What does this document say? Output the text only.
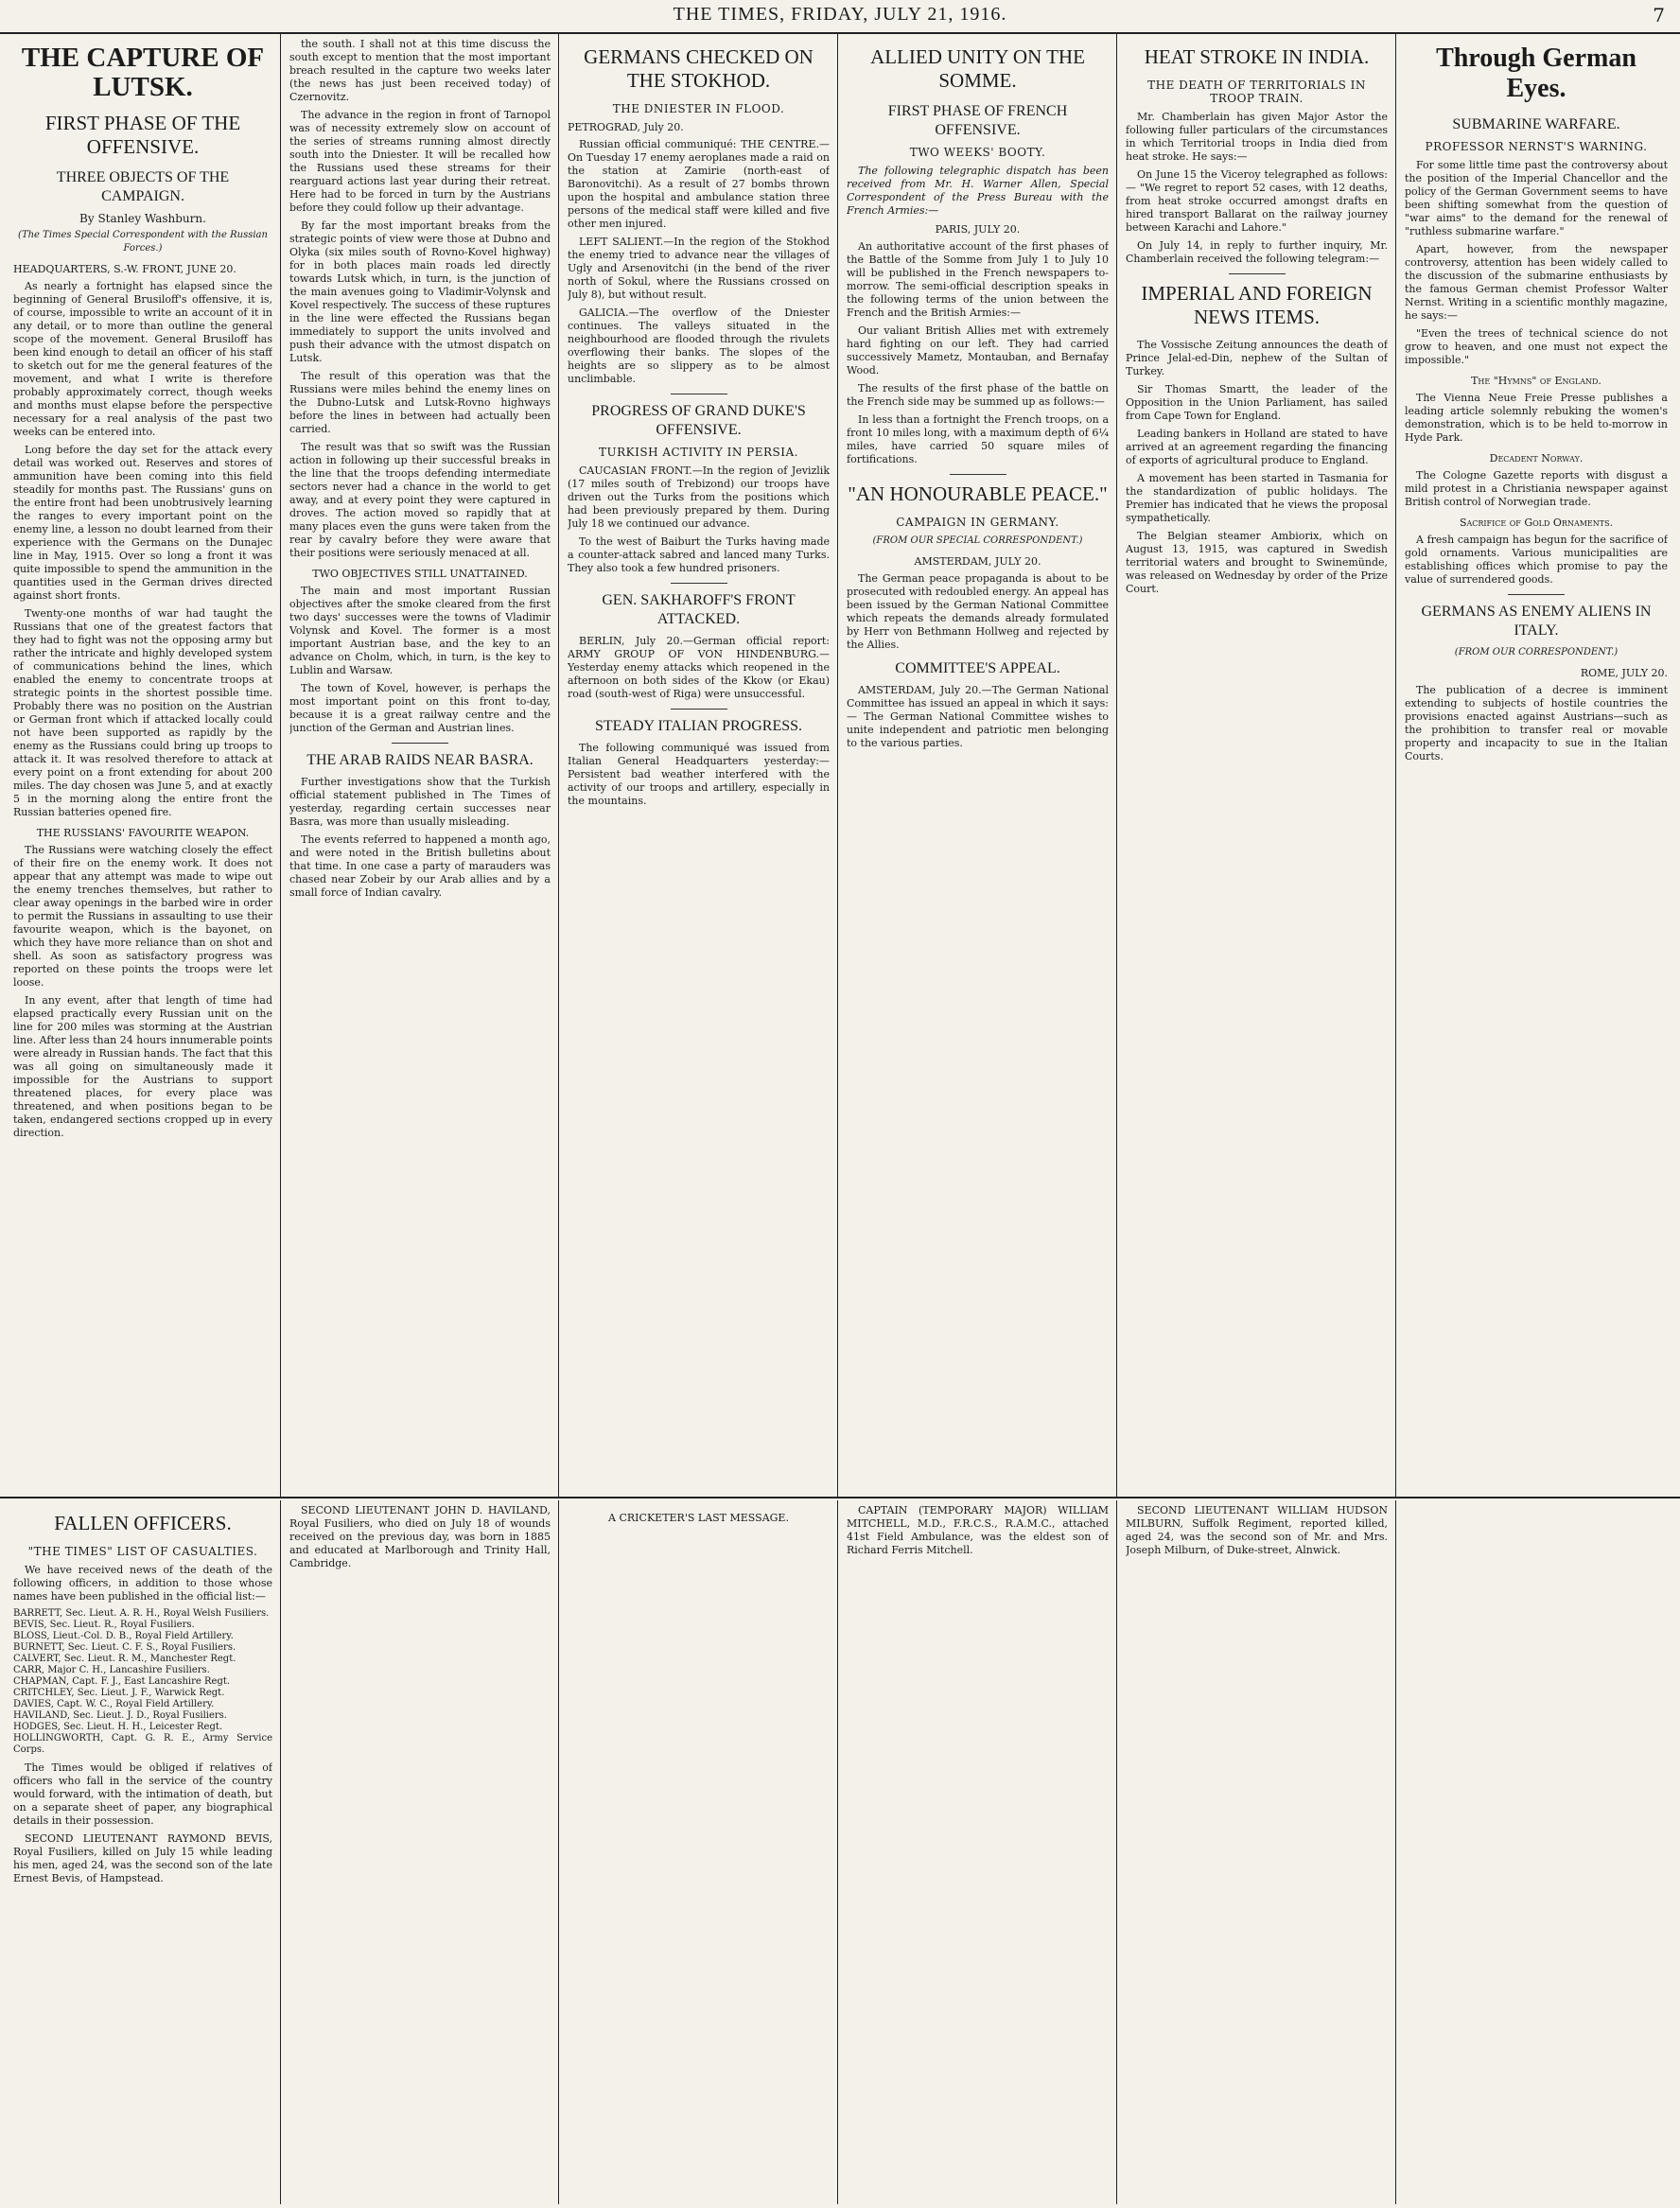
THE TIMES, FRIDAY, JULY 21, 1916.	7
THE CAPTURE OF LUTSK.
FIRST PHASE OF THE OFFENSIVE.
THREE OBJECTS OF THE CAMPAIGN.
By Stanley Washburn.
(The Times Special Correspondent with the Russian Forces.)
HEADQUARTERS, S.-W. FRONT, JUNE 20.

As nearly a fortnight has elapsed since the beginning of General Brusiloff's offensive, it is, of course, impossible to write an account of it in any detail, or to more than outline the general scope of the movement. General Brusiloff has been kind enough to detail an officer of his staff to sketch out for me the general features of the movement, and what I write is therefore probably approximately correct, though weeks and months must elapse before the perspective necessary for a real analysis of the past two weeks can be entered into.

Long before the day set for the attack every detail was worked out. Reserves and stores of ammunition have been coming into this field steadily for months past. The Russians' guns on the entire front had been unobtrusively learning the ranges to every important point on the enemy line, a lesson no doubt learned from their experience with the Germans on the Dunajec line in May, 1915. Over so long a front it was quite impossible to spend the ammunition in the quantities used in the German drives directed against short fronts.

Twenty-one months of war had taught the Russians that one of the greatest factors that they had to fight was not the opposing army but rather the intricate and highly developed system of communications behind the lines, which enabled the enemy to concentrate troops at strategic points in the shortest possible time. Probably there was no position on the Austrian or German front which if attacked locally could not have been supported as rapidly by the enemy as the Russians could bring up troops to attack it. It was resolved therefore to attack at every point on a front extending for about 200 miles. The day chosen was June 5, and at exactly 5 in the morning along the entire front the Russian batteries opened fire.

THE RUSSIANS' FAVOURITE WEAPON.

The Russians were watching closely the effect of their fire on the enemy work. It does not appear that any attempt was made to wipe out the enemy trenches themselves, but rather to clear away openings in the barbed wire in order to permit the Russians in assaulting to use their favourite weapon, which is the bayonet, on which they have more reliance than on shot and shell. As soon as satisfactory progress was reported on these points the troops were let loose.

In any event, after that length of time had elapsed practically every Russian unit on the line for 200 miles was storming at the Austrian line. After less than 24 hours innumerable points were already in Russian hands. The fact that this was all going on simultaneously made it impossible for the Austrians to support threatened places, for every place was threatened, and when positions began to be taken, endangered sections cropped up in every direction.

the south. I shall not at this time discuss the south except to mention that the most important breach resulted in the capture two weeks later (the news has just been received today) of Czernovitz.

The advance in the region in front of Tarnopol was of necessity extremely slow on account of the series of streams running almost directly south into the Dniester. It will be recalled how the Russians used these streams for their rearguard actions last year during their retreat. Here had to be forced in turn by the Austrians before they could follow up their advantage.

By far the most important breaks from the strategic points of view were those at Dubno and Olyka (six miles south of Rovno-Kovel highway) for in both places main roads led directly towards Lutsk which, in turn, is the junction of the main avenues going to Vladimir-Volynsk and Kovel respectively. The success of these ruptures in the line were effected the Russians began immediately to support the units involved and push their advance with the utmost dispatch on Lutsk.

The result of this operation was that the Russians were miles behind the enemy lines on the Dubno-Lutsk and Lutsk-Rovno highways before the lines in between had actually been carried.

The result was that so swift was the Russian action in following up their successful breaks in the line that the troops defending intermediate sectors never had a chance in the world to get away, and at every point they were captured in droves. The action moved so rapidly that at many places even the guns were taken from the rear by cavalry before they were aware that their positions were seriously menaced at all.

TWO OBJECTIVES STILL UNATTAINED.

The main and most important Russian objectives after the smoke cleared from the first two days' successes were the towns of Vladimir Volynsk and Kovel. The former is a most important Austrian base, and the key to an advance on Cholm, which, in turn, is the key to Lublin and Warsaw.

The town of Kovel, however, is perhaps the most important point on this front to-day, because it is a great railway centre and the junction of the German and Austrian lines.

THE ARAB RAIDS NEAR BASRA.

Further investigations show that the Turkish official statement published in The Times of yesterday, regarding certain successes near Basra, was more than usually misleading.

The events referred to happened a month ago, and were noted in the British bulletins about that time. In one case a party of marauders was chased near Zobeir by our Arab allies and by a small force of Indian cavalry.

GERMANS CHECKED ON THE STOKHOD.
THE DNIESTER IN FLOOD.
PETROGRAD, July 20.

Russian official communiqué: THE CENTRE.—On Tuesday 17 enemy aeroplanes made a raid on the station at Zamirie (north-east of Baronovitchi). As a result of 27 bombs thrown upon the hospital and ambulance station three persons of the medical staff were killed and five other men injured.

LEFT SALIENT.—In the region of the Stokhod the enemy tried to advance near the villages of Ugly and Arsenovitchi (in the bend of the river north of Sokul, where the Russians crossed on July 8), but without result.

GALICIA.—The overflow of the Dniester continues. The valleys situated in the neighbourhood are flooded through the rivulets overflowing their banks. The slopes of the heights are so slippery as to be almost unclimbable.

PROGRESS OF GRAND DUKE'S OFFENSIVE.
TURKISH ACTIVITY IN PERSIA.

CAUCASIAN FRONT.—In the region of Jevizlik (17 miles south of Trebizond) our troops have driven out the Turks from the positions which had been previously prepared by them. During July 18 we continued our advance.

To the west of Baiburt the Turks having made a counter-attack sabred and lanced many Turks. They also took a few hundred prisoners.

GEN. SAKHAROFF'S FRONT ATTACKED.

BERLIN, July 20.—German official report: ARMY GROUP OF VON HINDENBURG.—Yesterday enemy attacks which reopened in the afternoon on both sides of the Kkow (or Ekau) road (south-west of Riga) were unsuccessful.

STEADY ITALIAN PROGRESS.

The following communiqué was issued from Italian General Headquarters yesterday:— Persistent bad weather interfered with the activity of our troops and artillery, especially in the mountains.

ALLIED UNITY ON THE SOMME.
FIRST PHASE OF FRENCH OFFENSIVE.
TWO WEEKS' BOOTY.

The following telegraphic dispatch has been received from Mr. H. Warner Allen, Special Correspondent of the Press Bureau with the French Armies:—

PARIS, JULY 20.

An authoritative account of the first phases of the Battle of the Somme from July 1 to July 10 will be published in the French newspapers to-morrow. The semi-official description speaks in the following terms of the union between the French and the British Armies:—

Our valiant British Allies met with extremely hard fighting on our left. They had carried successively Mametz, Montauban, and Bernafay Wood.

The results of the first phase of the battle on the French side may be summed up as follows:—

In less than a fortnight the French troops, on a front 10 miles long, with a maximum depth of 6¼ miles, have carried 50 square miles of fortifications.

"AN HONOURABLE PEACE."
CAMPAIGN IN GERMANY.
(FROM OUR SPECIAL CORRESPONDENT.)
AMSTERDAM, JULY 20.

The German peace propaganda is about to be prosecuted with redoubled energy. An appeal has been issued by the German National Committee which repeats the demands already formulated by Herr von Bethmann Hollweg and rejected by the Allies.

COMMITTEE'S APPEAL.

AMSTERDAM, July 20.—The German National Committee has issued an appeal in which it says:— The German National Committee wishes to unite independent and patriotic men belonging to the various parties.

HEAT STROKE IN INDIA.
THE DEATH OF TERRITORIALS IN TROOP TRAIN.

Mr. Chamberlain has given Major Astor the following fuller particulars of the circumstances in which Territorial troops in India died from heat stroke. He says:—

On June 15 the Viceroy telegraphed as follows:— "We regret to report 52 cases, with 12 deaths, from heat stroke occurred amongst drafts en hired transport Ballarat on the railway journey between Karachi and Lahore."

On July 14, in reply to further inquiry, Mr. Chamberlain received the following telegram:—

IMPERIAL AND FOREIGN NEWS ITEMS.

The Vossische Zeitung announces the death of Prince Jelal-ed-Din, nephew of the Sultan of Turkey.

Sir Thomas Smartt, the leader of the Opposition in the Union Parliament, has sailed from Cape Town for England.

Leading bankers in Holland are stated to have arrived at an agreement regarding the financing of exports of agricultural produce to England.

A movement has been started in Tasmania for the standardization of public holidays. The Premier has indicated that he views the proposal sympathetically.

The Belgian steamer Ambiorix, which on August 13, 1915, was captured in Swedish territorial waters and brought to Swinemünde, was released on Wednesday by order of the Prize Court.

Through German Eyes.
SUBMARINE WARFARE.
PROFESSOR NERNST'S WARNING.

For some little time past the controversy about the position of the Imperial Chancellor and the policy of the German Government seems to have been shifting somewhat from the question of "war aims" to the demand for the renewal of "ruthless submarine warfare."

Apart, however, from the newspaper controversy, attention has been widely called to the discussion of the submarine enthusiasts by the famous German chemist Professor Walter Nernst. Writing in a scientific monthly magazine, he says:—

"Even the trees of technical science do not grow to heaven, and one must not expect the impossible."

The "Hymns" of England.

The Vienna Neue Freie Presse publishes a leading article solemnly rebuking the women's demonstration, which is to be held to-morrow in Hyde Park.

Decadent Norway.

The Cologne Gazette reports with disgust a mild protest in a Christiania newspaper against British control of Norwegian trade.

Sacrifice of Gold Ornaments.

A fresh campaign has begun for the sacrifice of gold ornaments. Various municipalities are establishing offices which promise to pay the value of surrendered goods.

GERMANS AS ENEMY ALIENS IN ITALY.
(FROM OUR CORRESPONDENT.)
ROME, JULY 20.

The publication of a decree is imminent extending to subjects of hostile countries the provisions enacted against Austrians—such as the prohibition to transfer real or movable property and incapacity to sue in the Italian Courts.

FALLEN OFFICERS.
"THE TIMES" LIST OF CASUALTIES.

We have received news of the death of the following officers, in addition to those whose names have been published in the official list:—

BARRETT, Sec. Lieut. A. R. H., Royal Welsh Fusiliers.

BEVIS, Sec. Lieut. R., Royal Fusiliers.

BLOSS, Lieut.-Col. D. B., Royal Field Artillery.

BURNETT, Sec. Lieut. C. F. S., Royal Fusiliers.

CALVERT, Sec. Lieut. R. M., Manchester Regt.

CARR, Major C. H., Lancashire Fusiliers.

CHAPMAN, Capt. F. J., East Lancashire Regt.

CRITCHLEY, Sec. Lieut. J. F., Warwick Regt.

DAVIES, Capt. W. C., Royal Field Artillery.

HAVILAND, Sec. Lieut. J. D., Royal Fusiliers.

HODGES, Sec. Lieut. H. H., Leicester Regt.

HOLLINGWORTH, Capt. G. R. E., Army Service Corps.

The Times would be obliged if relatives of officers who fall in the service of the country would forward, with the intimation of death, but on a separate sheet of paper, any biographical details in their possession.

SECOND LIEUTENANT RAYMOND BEVIS, Royal Fusiliers, killed on July 15 while leading his men, aged 24, was the second son of the late Ernest Bevis, of Hampstead.

SECOND LIEUTENANT JOHN D. HAVILAND, Royal Fusiliers, who died on July 18 of wounds received on the previous day, was born in 1885 and educated at Marlborough and Trinity Hall, Cambridge.

A CRICKETER'S LAST MESSAGE.

CAPTAIN (TEMPORARY MAJOR) WILLIAM MITCHELL, M.D., F.R.C.S., R.A.M.C., attached 41st Field Ambulance, was the eldest son of Richard Ferris Mitchell.

SECOND LIEUTENANT WILLIAM HUDSON MILBURN, Suffolk Regiment, reported killed, aged 24, was the second son of Mr. and Mrs. Joseph Milburn, of Duke-street, Alnwick.
